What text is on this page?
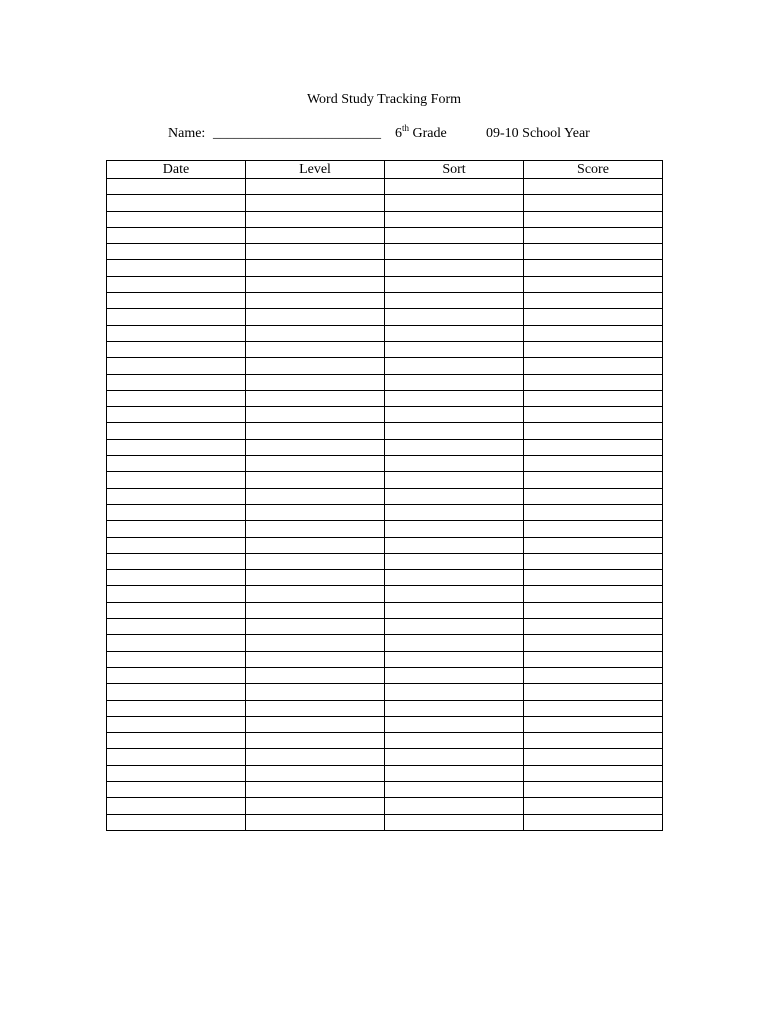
Word Study Tracking Form
Name: ________________________ 6th Grade	09-10 School Year
Date	Level	Sort	Score
